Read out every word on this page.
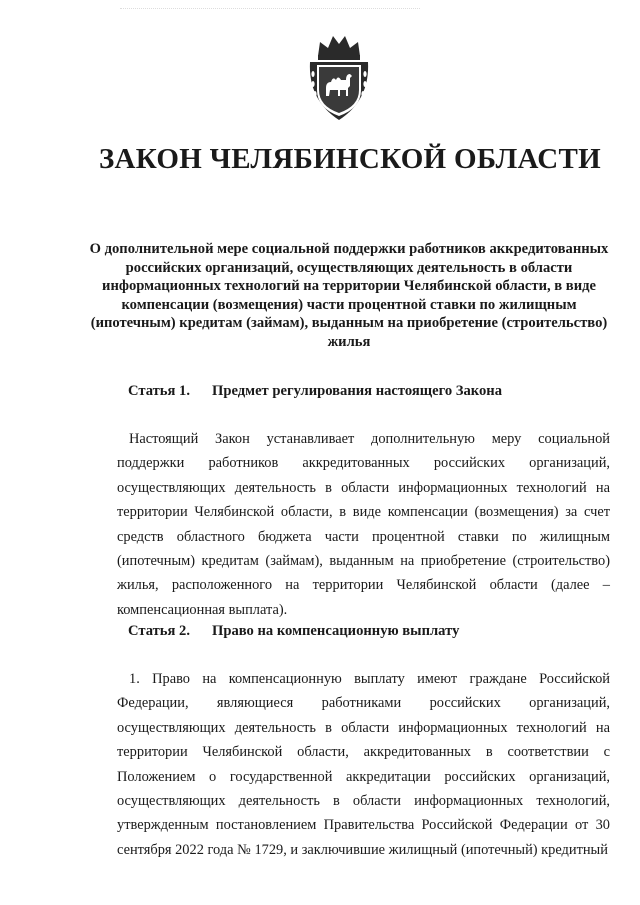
ЗАКОН ЧЕЛЯБИНСКОЙ ОБЛАСТИ

О дополнительной мере социальной поддержки работников аккредитованных российских организаций, осуществляющих деятельность в области информационных технологий на территории Челябинской области, в виде компенсации (возмещения) части процентной ставки по жилищным (ипотечным) кредитам (займам), выданным на приобретение (строительство) жилья

Статья 1. Предмет регулирования настоящего Закона

Настоящий Закон устанавливает дополнительную меру социальной поддержки работников аккредитованных российских организаций, осуществляющих деятельность в области информационных технологий на территории Челябинской области, в виде компенсации (возмещения) за счет средств областного бюджета части процентной ставки по жилищным (ипотечным) кредитам (займам), выданным на приобретение (строительство) жилья, расположенного на территории Челябинской области (далее – компенсационная выплата).

Статья 2. Право на компенсационную выплату

1. Право на компенсационную выплату имеют граждане Российской Федерации, являющиеся работниками российских организаций, осуществляющих деятельность в области информационных технологий на территории Челябинской области, аккредитованных в соответствии с Положением о государственной аккредитации российских организаций, осуществляющих деятельность в области информационных технологий, утвержденным постановлением Правительства Российской Федерации от 30 сентября 2022 года № 1729, и заключившие жилищный (ипотечный) кредитный
